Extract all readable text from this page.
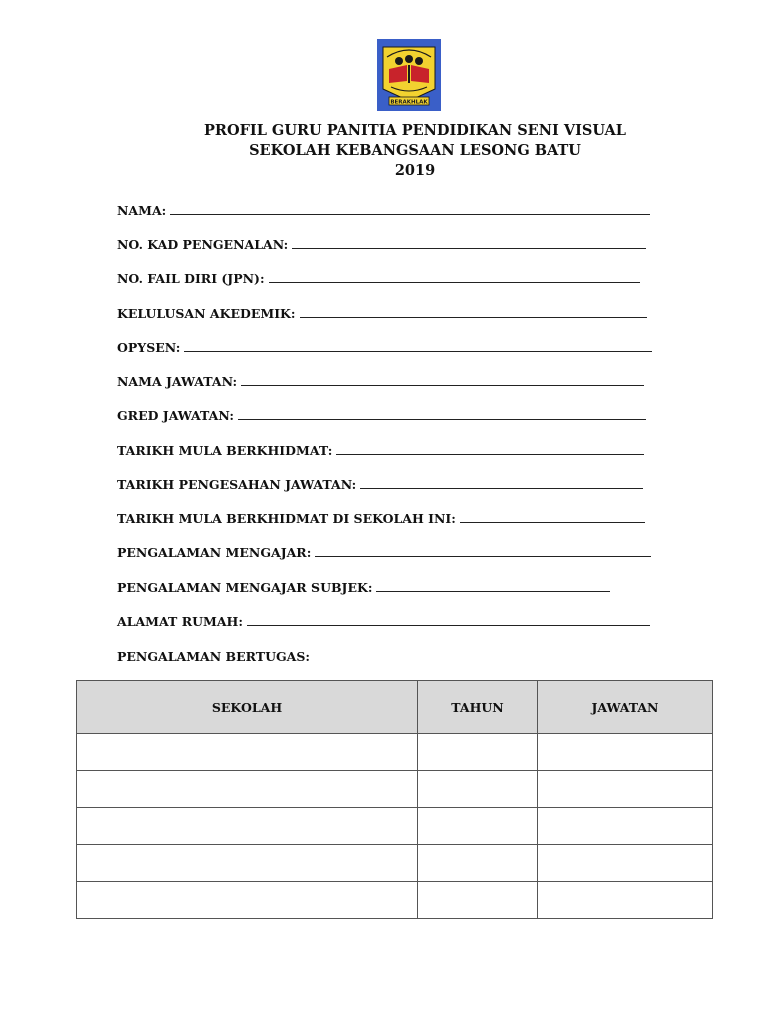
BERAKHLAK
PROFIL GURU PANITIA PENDIDIKAN SENI VISUAL
SEKOLAH KEBANGSAAN LESONG BATU
2019
NAMA:
NO. KAD PENGENALAN:
NO. FAIL DIRI (JPN):
KELULUSAN AKEDEMIK:
OPYSEN:
NAMA JAWATAN:
GRED JAWATAN:
TARIKH MULA BERKHIDMAT:
TARIKH PENGESAHAN JAWATAN:
TARIKH MULA BERKHIDMAT DI SEKOLAH INI:
PENGALAMAN MENGAJAR:
PENGALAMAN MENGAJAR SUBJEK:
ALAMAT RUMAH:
PENGALAMAN BERTUGAS:
SEKOLAH	TAHUN	JAWATAN
